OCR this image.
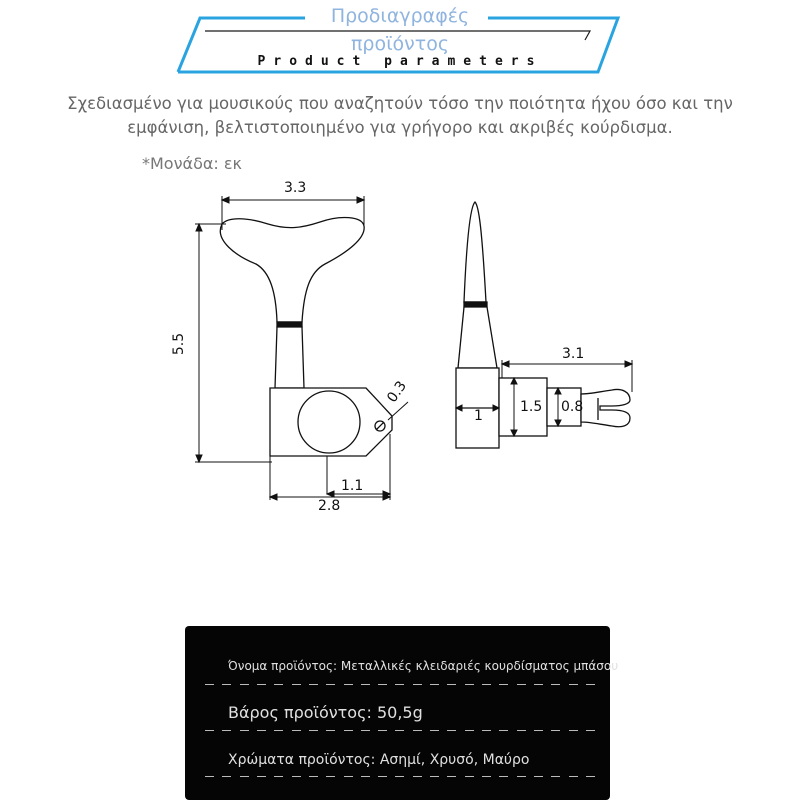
Προδιαγραφές προϊόντος
Product parameters
Σχεδιασμένο για μουσικούς που αναζητούν τόσο την ποιότητα ήχου όσο και την εμφάνιση, βελτιστοποιημένο για γρήγορο και ακριβές κούρδισμα.
*Μονάδα: εκ
3.3
5.5
0.3
1.1
2.8
3.1
1
1.5 0.8
Όνομα προϊόντος: Μεταλλικές κλειδαριές κουρδίσματος μπάσου
Βάρος προϊόντος: 50,5g
Χρώματα προϊόντος: Ασημί, Χρυσό, Μαύρο
